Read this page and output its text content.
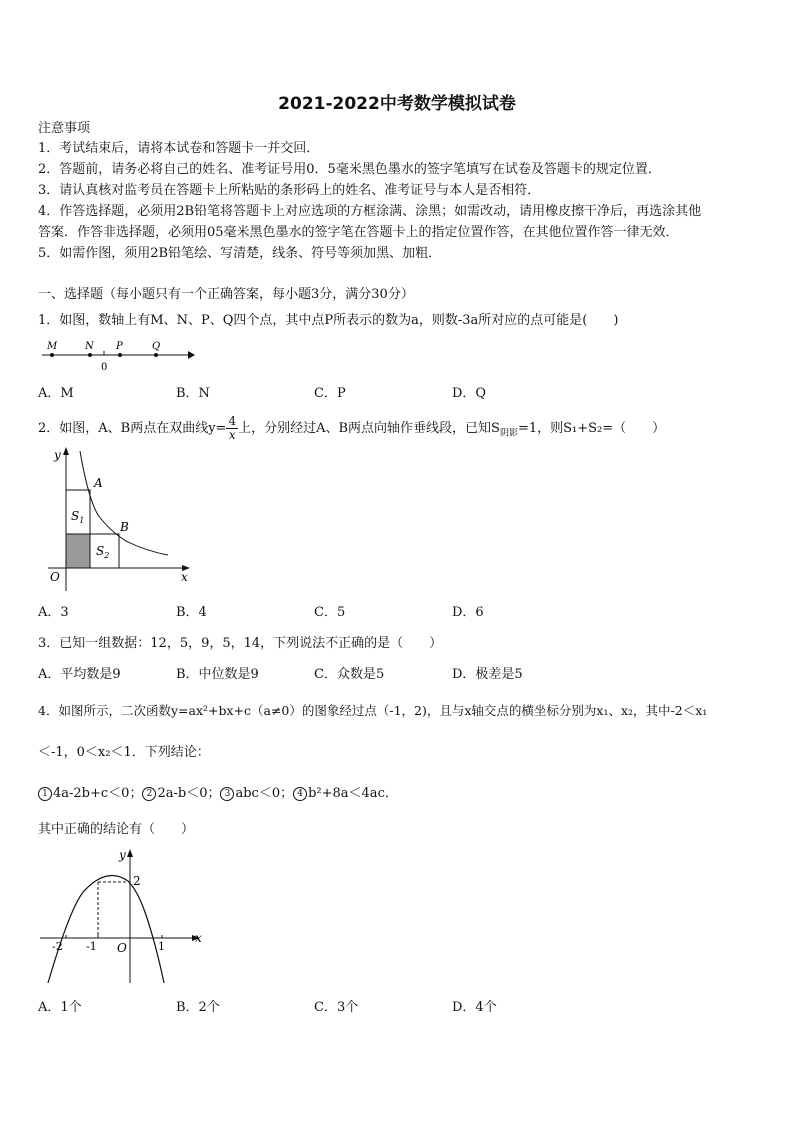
2021-2022中考数学模拟试卷
注意事项
1．考试结束后，请将本试卷和答题卡一并交回．
2．答题前，请务必将自己的姓名、准考证号用0．5毫米黑色墨水的签字笔填写在试卷及答题卡的规定位置．
3．请认真核对监考员在答题卡上所粘贴的条形码上的姓名、准考证号与本人是否相符．
4．作答选择题，必须用2B铅笔将答题卡上对应选项的方框涂满、涂黑；如需改动，请用橡皮擦干净后，再选涂其他
答案．作答非选择题，必须用05毫米黑色墨水的签字笔在答题卡上的指定位置作答，在其他位置作答一律无效．
5．如需作图，须用2B铅笔绘、写清楚，线条、符号等须加黑、加粗．
一、选择题（每小题只有一个正确答案，每小题3分，满分30分）
1．如图，数轴上有M、N、P、Q四个点，其中点P所表示的数为a，则数-3a所对应的点可能是(　　)
M	N P	Q
0
A．M	B．N	C．P	D．Q
2．如图，A、B两点在双曲线$y= \frac{4}{x}$ 上，分别经过A、B两点向轴作垂线段，已知$S_{阴影}=1$，则S₁+S₂=（　　）
y
x
O
A
B
$S_1$
$S_2$
A．3	B．4	C．5	D．6
3．已知一组数据：12，5，9，5，14，下列说法不正确的是（　　）
A．平均数是9	B．中位数是9	C．众数是5	D．极差是5
4．如图所示，二次函数y=ax²+bx+c（a≠0）的图象经过点（-1，2)，且与x轴交点的横坐标分别为x₁、x₂，其中-2＜x₁
＜-1，0＜x₂＜1．下列结论：
1 4a-2b+c＜0； 2 2a-b＜0； 3 abc＜0； 4 b²+8a＜4ac．
其中正确的结论有（　　）
y
x
O
2
-2 -1	1
A．1个	B．2个	C．3个	D．4个
